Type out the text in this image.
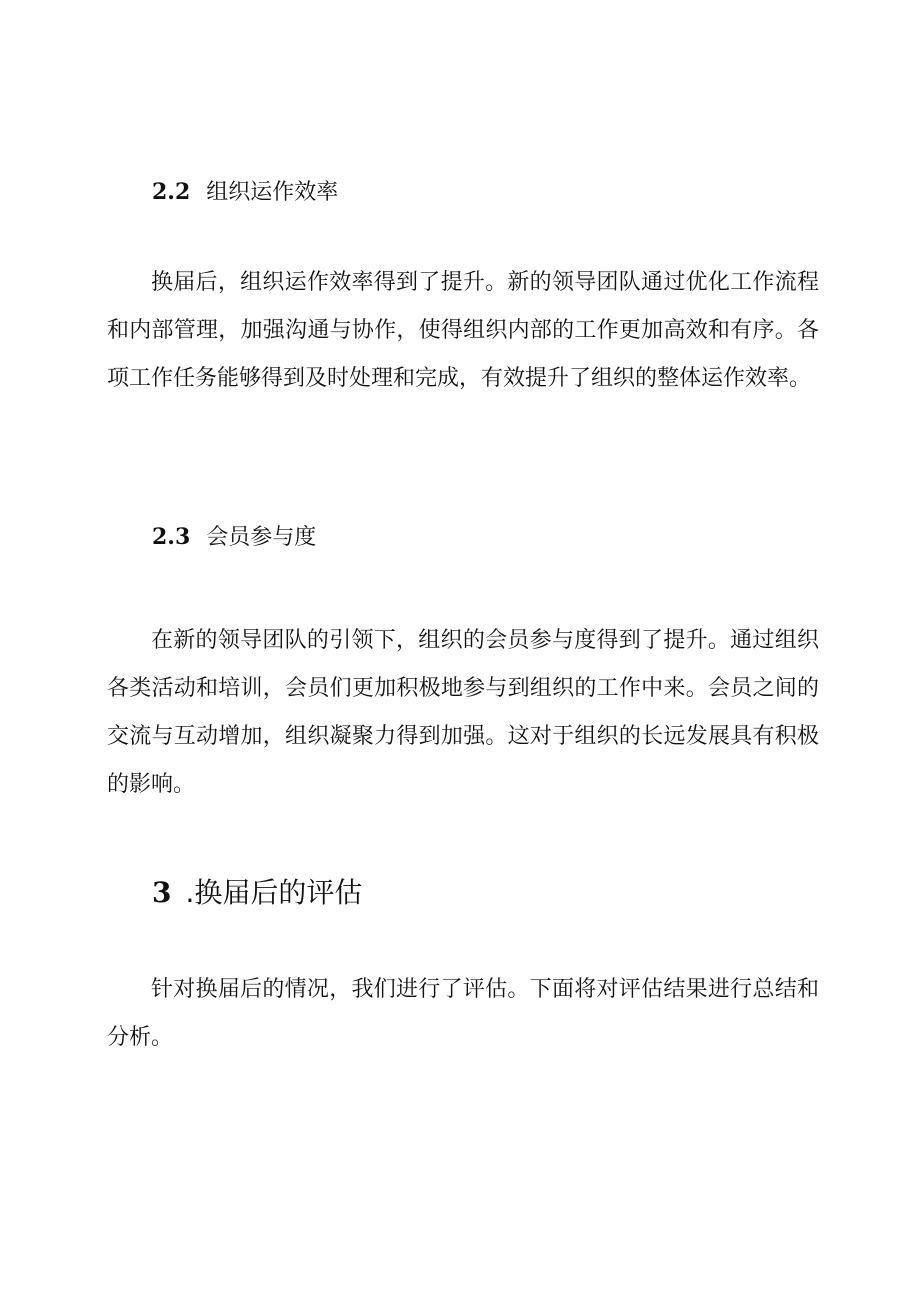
2.2 组织运作效率

换届后，组织运作效率得到了提升。新的领导团队通过优化工作流程和内部管理，加强沟通与协作，使得组织内部的工作更加高效和有序。各项工作任务能够得到及时处理和完成，有效提升了组织的整体运作效率。

2.3 会员参与度

在新的领导团队的引领下，组织的会员参与度得到了提升。通过组织各类活动和培训，会员们更加积极地参与到组织的工作中来。会员之间的交流与互动增加，组织凝聚力得到加强。这对于组织的长远发展具有积极的影响。

3 .换届后的评估

针对换届后的情况，我们进行了评估。下面将对评估结果进行总结和分析。
